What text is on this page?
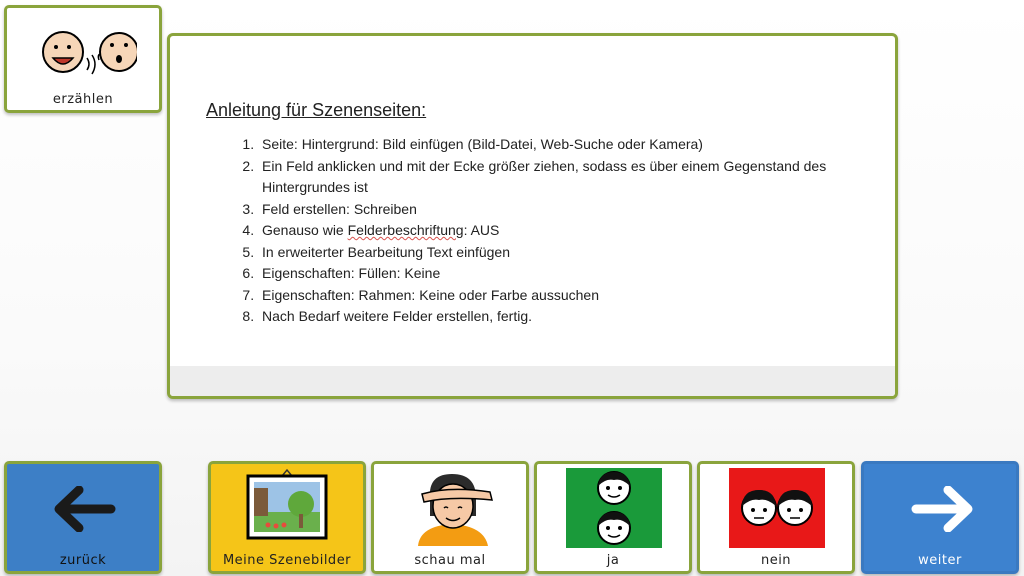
erzählen
Anleitung für Szenenseiten:
1. Seite: Hintergrund: Bild einfügen (Bild-Datei, Web-Suche oder Kamera)
2. Ein Feld anklicken und mit der Ecke größer ziehen, sodass es über einem Gegenstand des Hintergrundes ist
3. Feld erstellen: Schreiben
4. Genauso wie Felderbeschriftung: AUS
5. In erweiterter Bearbeitung Text einfügen
6. Eigenschaften: Füllen: Keine
7. Eigenschaften: Rahmen: Keine oder Farbe aussuchen
8. Nach Bedarf weitere Felder erstellen, fertig.
zurück	Meine Szenebilder	schau mal	ja	nein	weiter
